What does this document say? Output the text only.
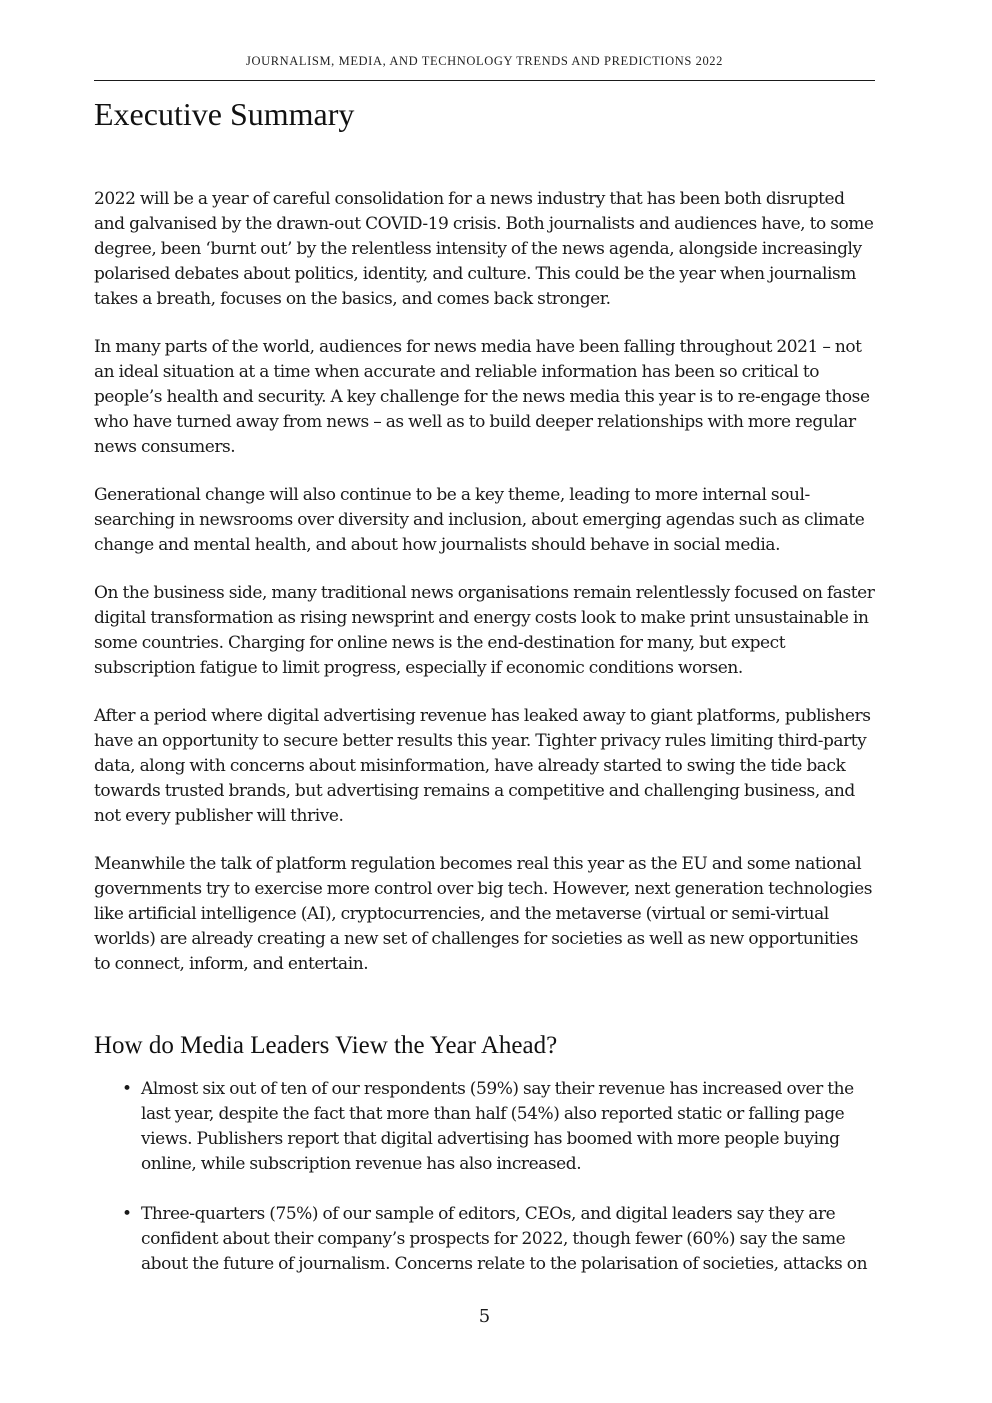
JOURNALISM, MEDIA, AND TECHNOLOGY TRENDS AND PREDICTIONS 2022
Executive Summary

2022 will be a year of careful consolidation for a news industry that has been both disrupted and galvanised by the drawn-out COVID-19 crisis. Both journalists and audiences have, to some degree, been ‘burnt out’ by the relentless intensity of the news agenda, alongside increasingly polarised debates about politics, identity, and culture. This could be the year when journalism takes a breath, focuses on the basics, and comes back stronger.

In many parts of the world, audiences for news media have been falling throughout 2021 – not an ideal situation at a time when accurate and reliable information has been so critical to people’s health and security. A key challenge for the news media this year is to re-engage those who have turned away from news – as well as to build deeper relationships with more regular news consumers.

Generational change will also continue to be a key theme, leading to more internal soul-searching in newsrooms over diversity and inclusion, about emerging agendas such as climate change and mental health, and about how journalists should behave in social media.

On the business side, many traditional news organisations remain relentlessly focused on faster digital transformation as rising newsprint and energy costs look to make print unsustainable in some countries. Charging for online news is the end-destination for many, but expect subscription fatigue to limit progress, especially if economic conditions worsen.

After a period where digital advertising revenue has leaked away to giant platforms, publishers have an opportunity to secure better results this year. Tighter privacy rules limiting third-party data, along with concerns about misinformation, have already started to swing the tide back towards trusted brands, but advertising remains a competitive and challenging business, and not every publisher will thrive.

Meanwhile the talk of platform regulation becomes real this year as the EU and some national governments try to exercise more control over big tech. However, next generation technologies like artificial intelligence (AI), cryptocurrencies, and the metaverse (virtual or semi-virtual worlds) are already creating a new set of challenges for societies as well as new opportunities to connect, inform, and entertain.

How do Media Leaders View the Year Ahead?
• Almost six out of ten of our respondents (59%) say their revenue has increased over the last year, despite the fact that more than half (54%) also reported static or falling page views. Publishers report that digital advertising has boomed with more people buying online, while subscription revenue has also increased.
• Three-quarters (75%) of our sample of editors, CEOs, and digital leaders say they are confident about their company’s prospects for 2022, though fewer (60%) say the same about the future of journalism. Concerns relate to the polarisation of societies, attacks on
5
